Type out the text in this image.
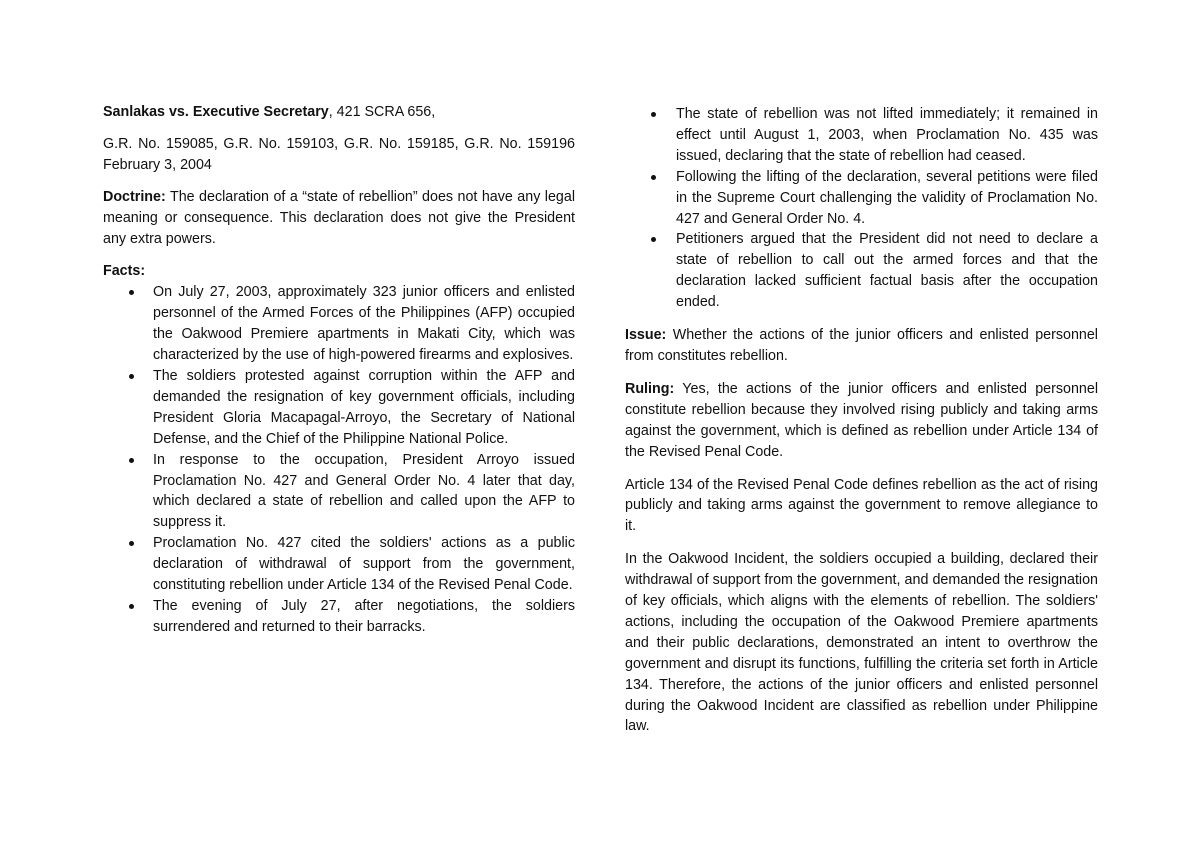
Sanlakas vs. Executive Secretary, 421 SCRA 656,

G.R. No. 159085, G.R. No. 159103, G.R. No. 159185, G.R. No. 159196 February 3, 2004

Doctrine: The declaration of a “state of rebellion” does not have any legal meaning or consequence. This declaration does not give the President any extra powers.

Facts:

On July 27, 2003, approximately 323 junior officers and enlisted personnel of the Armed Forces of the Philippines (AFP) occupied the Oakwood Premiere apartments in Makati City, which was characterized by the use of high-powered firearms and explosives.
The soldiers protested against corruption within the AFP and demanded the resignation of key government officials, including President Gloria Macapagal-Arroyo, the Secretary of National Defense, and the Chief of the Philippine National Police.
In response to the occupation, President Arroyo issued Proclamation No. 427 and General Order No. 4 later that day, which declared a state of rebellion and called upon the AFP to suppress it.
Proclamation No. 427 cited the soldiers' actions as a public declaration of withdrawal of support from the government, constituting rebellion under Article 134 of the Revised Penal Code.
The evening of July 27, after negotiations, the soldiers surrendered and returned to their barracks.
The state of rebellion was not lifted immediately; it remained in effect until August 1, 2003, when Proclamation No. 435 was issued, declaring that the state of rebellion had ceased.
Following the lifting of the declaration, several petitions were filed in the Supreme Court challenging the validity of Proclamation No. 427 and General Order No. 4.
Petitioners argued that the President did not need to declare a state of rebellion to call out the armed forces and that the declaration lacked sufficient factual basis after the occupation ended.

Issue: Whether the actions of the junior officers and enlisted personnel from constitutes rebellion.

Ruling: Yes, the actions of the junior officers and enlisted personnel constitute rebellion because they involved rising publicly and taking arms against the government, which is defined as rebellion under Article 134 of the Revised Penal Code.

Article 134 of the Revised Penal Code defines rebellion as the act of rising publicly and taking arms against the government to remove allegiance to it.

In the Oakwood Incident, the soldiers occupied a building, declared their withdrawal of support from the government, and demanded the resignation of key officials, which aligns with the elements of rebellion. The soldiers' actions, including the occupation of the Oakwood Premiere apartments and their public declarations, demonstrated an intent to overthrow the government and disrupt its functions, fulfilling the criteria set forth in Article 134. Therefore, the actions of the junior officers and enlisted personnel during the Oakwood Incident are classified as rebellion under Philippine law.
